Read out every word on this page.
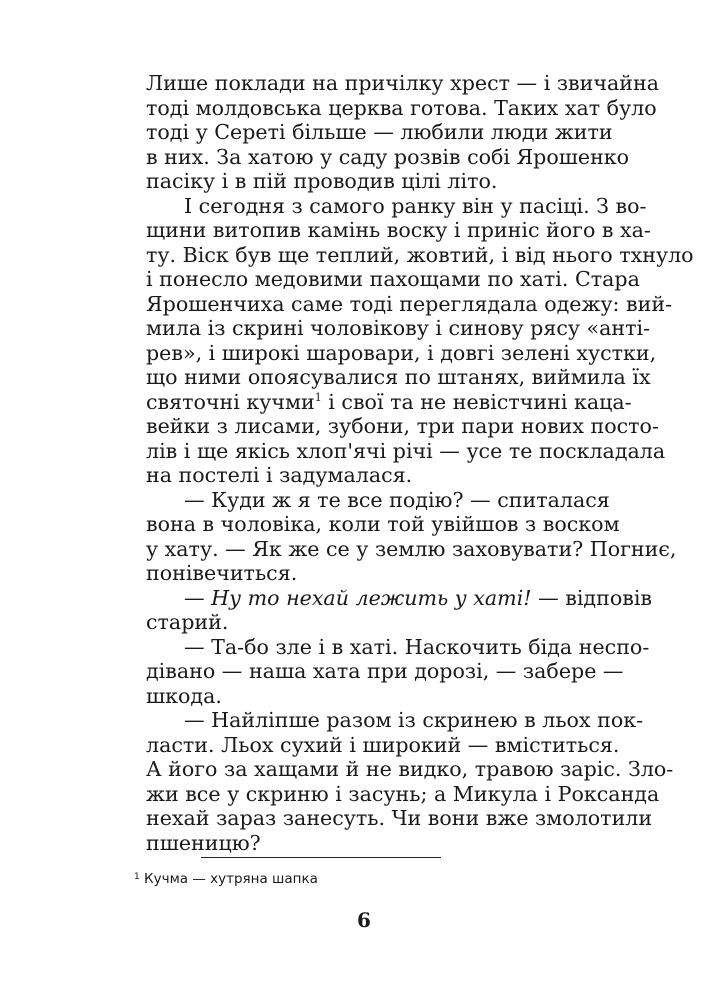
Лише поклади на причілку хрест — і звичайна
тоді молдовська церква готова. Таких хат було
тоді у Сереті більше — любили люди жити
в них. За хатою у саду розвів собі Ярошенко
пасіку і в пій проводив цілі літо.
І сегодня з самого ранку він у пасіці. З во-
щини витопив камінь воску і приніс його в ха-
ту. Віск був ще теплий, жовтий, і від нього тхнуло
і понесло медовими пахощами по хаті. Стара
Ярошенчиха саме тоді переглядала одежу: вий-
мила із скрині чоловікову і синову рясу «анті-
рев», і широкі шаровари, і довгі зелені хустки,
що ними опоясувалися по штанях, виймила їх
святочні кучми$^1$ і свої та не невістчині кацa-
вейки з лисами, зубони, три пари нових посто-
лів і ще якісь хлоп'ячі річі — усе те поскладала
на постелі і задумалася.
— Куди ж я те все подію? — спиталася
вона в чоловіка, коли той увійшов з воском
у хату. — Як же се у землю заховувати? Погниє,
понівечиться.
— Ну то нехай лежить у хаті! — відповів
старий.
— Та-бо зле і в хаті. Наскочить біда неспо-
дівано — наша хата при дорозі, — забере —
шкода.
— Найліпше разом із скринею в льох пок-
ласти. Льох сухий і широкий — вміститься.
А його за хащами й не видко, травою заріс. Зло-
жи все у скриню і засунь; а Микула і Роксанда
нехай зараз занесуть. Чи вони вже змолотили
пшеницю?
$^1$ Кучма — хутряна шапка
6
